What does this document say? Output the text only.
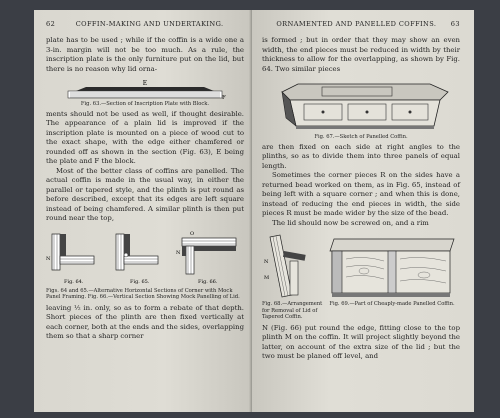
62	COFFIN-MAKING AND UNDERTAKING.

plate has to be used ; while if the coffin is a wide one a 3-in. margin will not be too much. As a rule, the inscription plate is the only furniture put on the lid, but there is no reason why lid orna-

E
F

Fig. 63.—Section of Inscription Plate with Block.

ments should not be used as well, if thought desirable. The appearance of a plain lid is improved if the inscription plate is mounted on a piece of wood cut to the exact shape, with the edge either chamfered or rounded off as shown in the section (Fig. 63), E being the plate and F the block.

Most of the better class of coffins are panelled. The actual coffin is made in the usual way, in either the parallel or tapered style, and the plinth is put round as before described, except that its edges are left square instead of being chamfered. A similar plinth is then put round near the top,

N
O
N
Fig. 64.	Fig. 65.	Fig. 66.

Figs. 64 and 65.—Alternative Horizontal Sections of Corner with Mock Panel Framing. Fig. 66.—Vertical Section Showing Mock Panelling of Lid.

leaving ½ in. only, so as to form a rebate of that depth. Short pieces of the plinth are then fixed vertically at each corner, both at the ends and the sides, overlapping them so that a sharp corner

ORNAMENTED AND PANELLED COFFINS.	63

is formed ; but in order that they may show an even width, the end pieces must be reduced in width by their thickness to allow for the overlapping, as shown by Fig. 64. Two similar pieces

Fig. 67.—Sketch of Panelled Coffin.

are then fixed on each side at right angles to the plinths, so as to divide them into three panels of equal length.

Sometimes the corner pieces R on the sides have a returned bead worked on them, as in Fig. 65, instead of being left with a square corner ; and when this is done, instead of reducing the end pieces in width, the side pieces R must be made wider by the size of the bead.

The lid should now be screwed on, and a rim

N
M

Fig. 68.—Arrangement for Removal of Lid of Tapered Coffin.

Fig. 69.—Part of Cheaply-made Panelled Coffin.

N (Fig. 66) put round the edge, fitting close to the top plinth M on the coffin. It will project slightly beyond the latter, on account of the extra size of the lid ; but the two must be planed off level, and
